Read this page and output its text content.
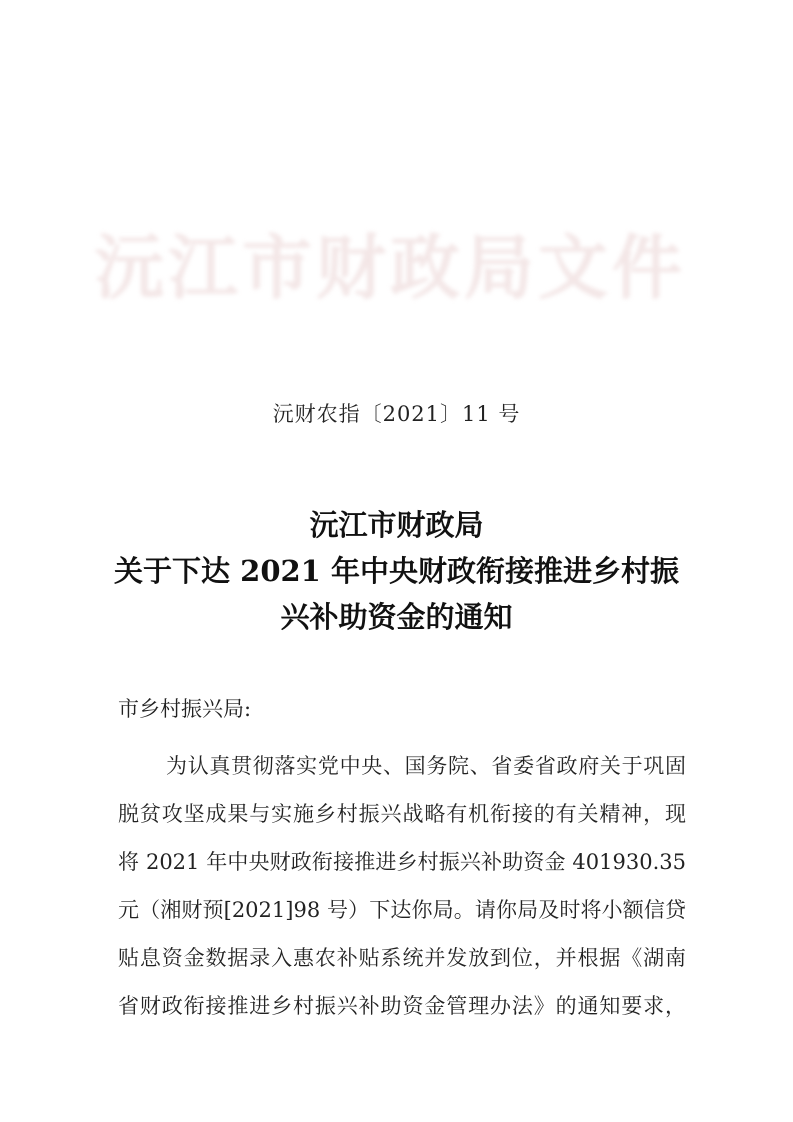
沅江市财政局文件
沅财农指〔2021〕11 号
沅江市财政局
关于下达 2021 年中央财政衔接推进乡村振
兴补助资金的通知
市乡村振兴局:
为认真贯彻落实党中央、国务院、省委省政府关于巩固
脱贫攻坚成果与实施乡村振兴战略有机衔接的有关精神，现
将 2021 年中央财政衔接推进乡村振兴补助资金 401930.35
元（湘财预[2021]98 号）下达你局。请你局及时将小额信贷
贴息资金数据录入惠农补贴系统并发放到位，并根据《湖南
省财政衔接推进乡村振兴补助资金管理办法》的通知要求，
